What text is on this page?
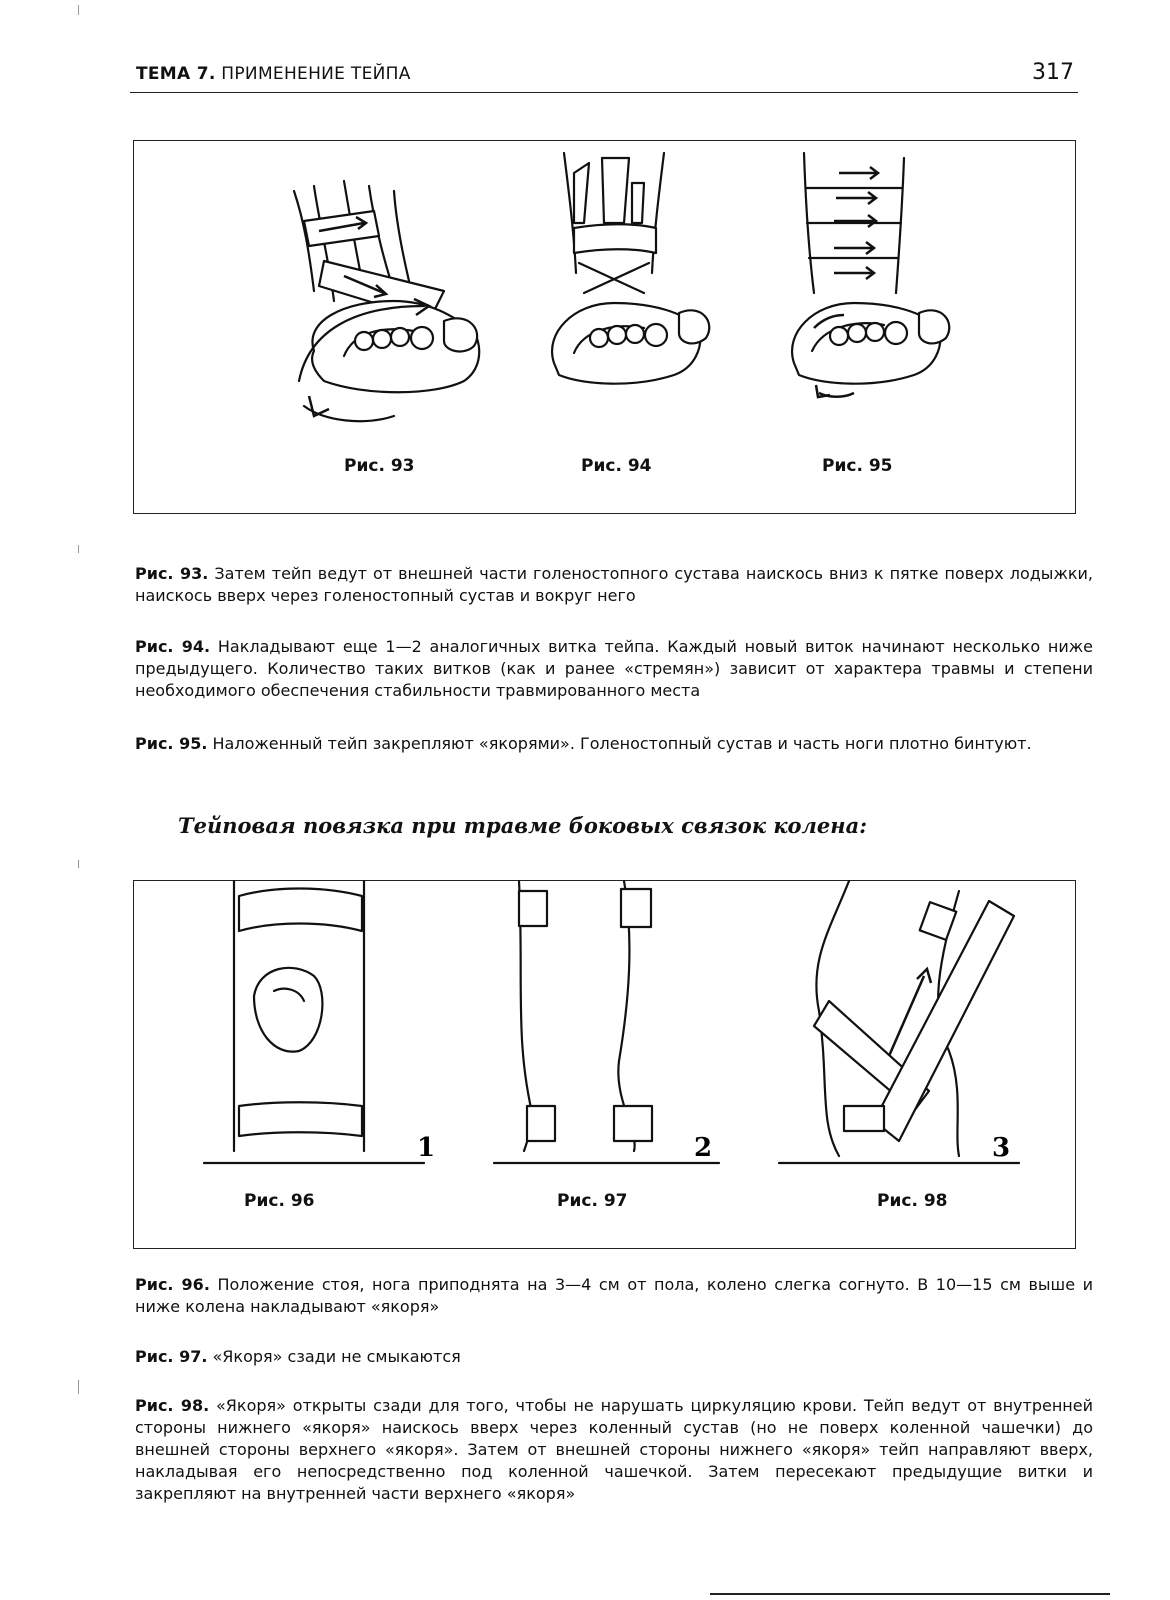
ТЕМА 7. ПРИМЕНЕНИЕ ТЕЙПА	317
Рис. 93	Рис. 94	Рис. 95
Рис. 93. Затем тейп ведут от внешней части голеностопного сустава наискось вниз к пятке поверх лодыжки, наискось вверх через голеностопный сустав и вокруг него
Рис. 94. Накладывают еще 1—2 аналогичных витка тейпа. Каждый новый виток начинают несколько ниже предыдущего. Количество таких витков (как и ранее «стремян») зависит от характера травмы и степени необходимого обеспечения стабильности травмированного места
Рис. 95. Наложенный тейп закрепляют «якорями». Голеностопный сустав и часть ноги плотно бинтуют.
Тейповая повязка при травме боковых связок колена:
1	2	3
Рис. 96	Рис. 97	Рис. 98
Рис. 96. Положение стоя, нога приподнята на 3—4 см от пола, колено слегка согнуто. В 10—15 см выше и ниже колена накладывают «якоря»
Рис. 97. «Якоря» сзади не смыкаются
Рис. 98. «Якоря» открыты сзади для того, чтобы не нарушать циркуляцию крови. Тейп ведут от внутренней стороны нижнего «якоря» наискось вверх через коленный сустав (но не поверх коленной чашечки) до внешней стороны верхнего «якоря». Затем от внешней стороны нижнего «якоря» тейп направляют вверх, накладывая его непосредственно под коленной чашечкой. Затем пересекают предыдущие витки и закрепляют на внутренней части верхнего «якоря»
